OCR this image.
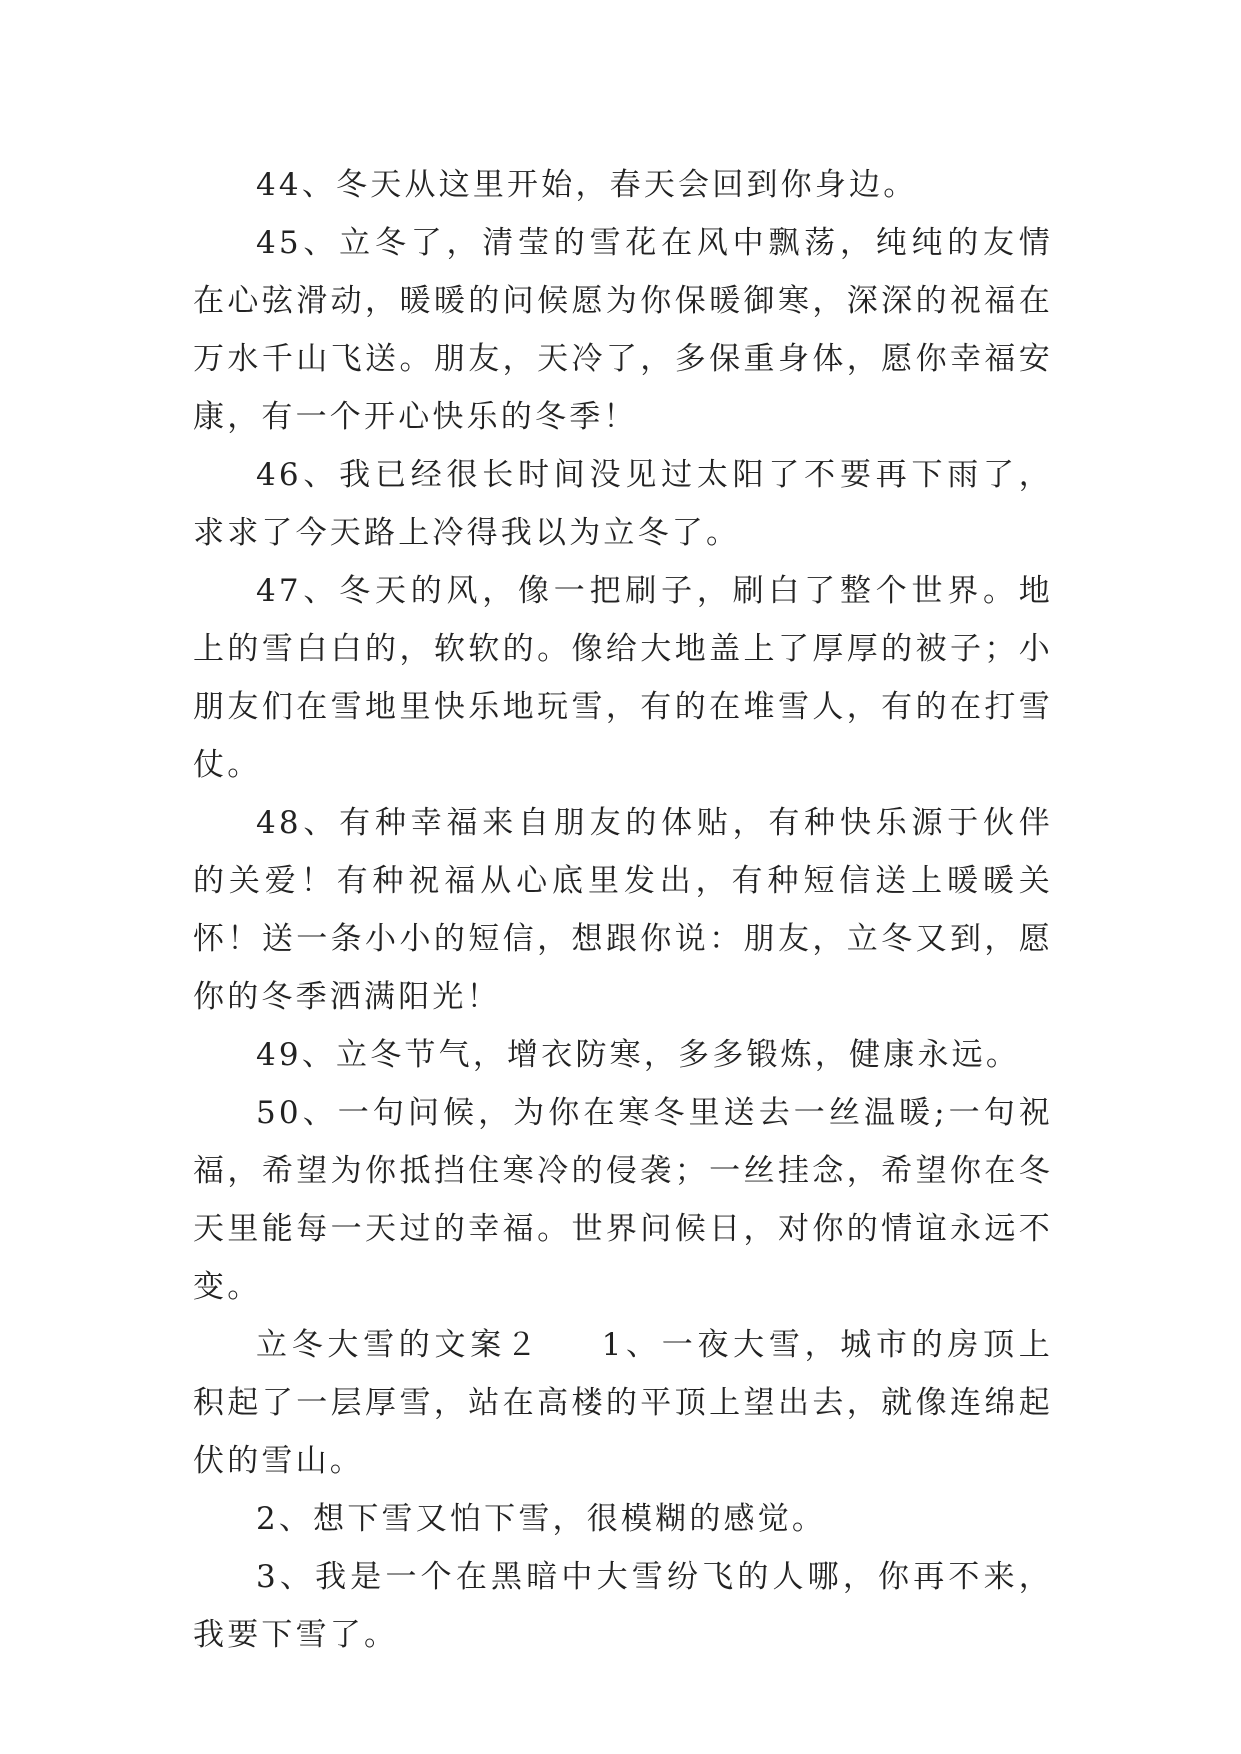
44、冬天从这里开始，春天会回到你身边。

45、立冬了，清莹的雪花在风中飘荡，纯纯的友情在心弦滑动，暖暖的问候愿为你保暖御寒，深深的祝福在万水千山飞送。朋友，天冷了，多保重身体，愿你幸福安康，有一个开心快乐的冬季！

46、我已经很长时间没见过太阳了不要再下雨了，求求了今天路上冷得我以为立冬了。

47、冬天的风，像一把刷子，刷白了整个世界。地上的雪白白的，软软的。像给大地盖上了厚厚的被子；小朋友们在雪地里快乐地玩雪，有的在堆雪人，有的在打雪仗。

48、有种幸福来自朋友的体贴，有种快乐源于伙伴的关爱！有种祝福从心底里发出，有种短信送上暖暖关怀！送一条小小的短信，想跟你说：朋友，立冬又到，愿你的冬季洒满阳光！

49、立冬节气，增衣防寒，多多锻炼，健康永远。

50、一句问候，为你在寒冬里送去一丝温暖;一句祝福，希望为你抵挡住寒冷的侵袭；一丝挂念，希望你在冬天里能每一天过的幸福。世界问候日，对你的情谊永远不变。

立冬大雪的文案２ 1、一夜大雪，城市的房顶上积起了一层厚雪，站在高楼的平顶上望出去，就像连绵起伏的雪山。

2、想下雪又怕下雪，很模糊的感觉。

3、我是一个在黑暗中大雪纷飞的人哪，你再不来，我要下雪了。
